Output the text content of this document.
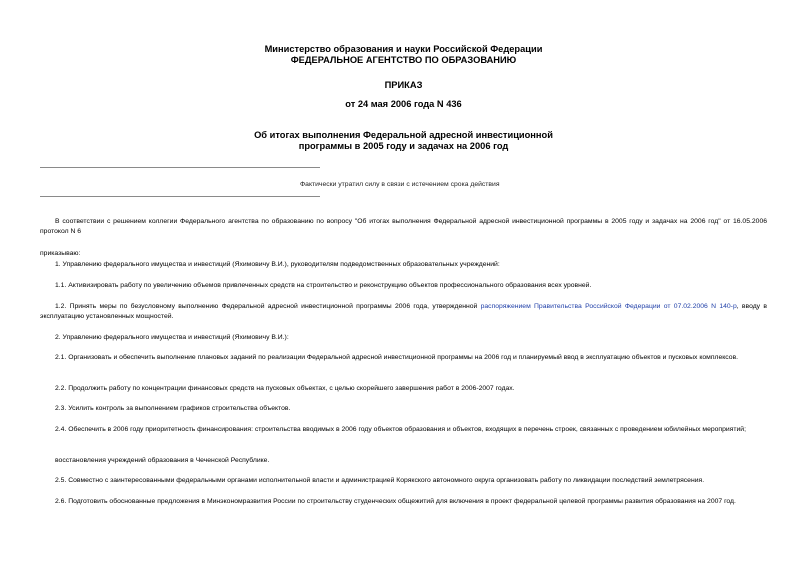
Министерство образования и науки Российской Федерации
ФЕДЕРАЛЬНОЕ АГЕНТСТВО ПО ОБРАЗОВАНИЮ
ПРИКАЗ
от 24 мая 2006 года N 436
Об итогах выполнения Федеральной адресной инвестиционной
программы в 2005 году и задачах на 2006 год
Фактически утратил силу в связи с истечением срока действия
В соответствии с решением коллегии Федерального агентства по образованию по вопросу "Об итогах выполнения Федеральной адресной инвестиционной программы в 2005 году и задачах на 2006 год" от 16.05.2006 протокол N 6
приказываю:
1. Управлению федерального имущества и инвестиций (Яхимовичу В.И.), руководителям подведомственных образовательных учреждений:
1.1. Активизировать работу по увеличению объемов привлеченных средств на строительство и реконструкцию объектов профессионального образования всех уровней.
1.2. Принять меры по безусловному выполнению Федеральной адресной инвестиционной программы 2006 года, утвержденной распоряжением Правительства Российской Федерации от 07.02.2006 N 140-р, вводу в эксплуатацию установленных мощностей.
2. Управлению федерального имущества и инвестиций (Яхимовичу В.И.):
2.1. Организовать и обеспечить выполнение плановых заданий по реализации Федеральной адресной инвестиционной программы на 2006 год и планируемый ввод в эксплуатацию объектов и пусковых комплексов.
2.2. Продолжить работу по концентрации финансовых средств на пусковых объектах, с целью скорейшего завершения работ в 2006-2007 годах.
2.3. Усилить контроль за выполнением графиков строительства объектов.
2.4. Обеспечить в 2006 году приоритетность финансирования: строительства вводимых в 2006 году объектов образования и объектов, входящих в перечень строек, связанных с проведением юбилейных мероприятий;
восстановления учреждений образования в Чеченской Республике.
2.5. Совместно с заинтересованными федеральными органами исполнительной власти и администрацией Корякского автономного округа организовать работу по ликвидации последствий землетрясения.
2.6. Подготовить обоснованные предложения в Минэкономразвития России по строительству студенческих общежитий для включения в проект федеральной целевой программы развития образования на 2007 год.
